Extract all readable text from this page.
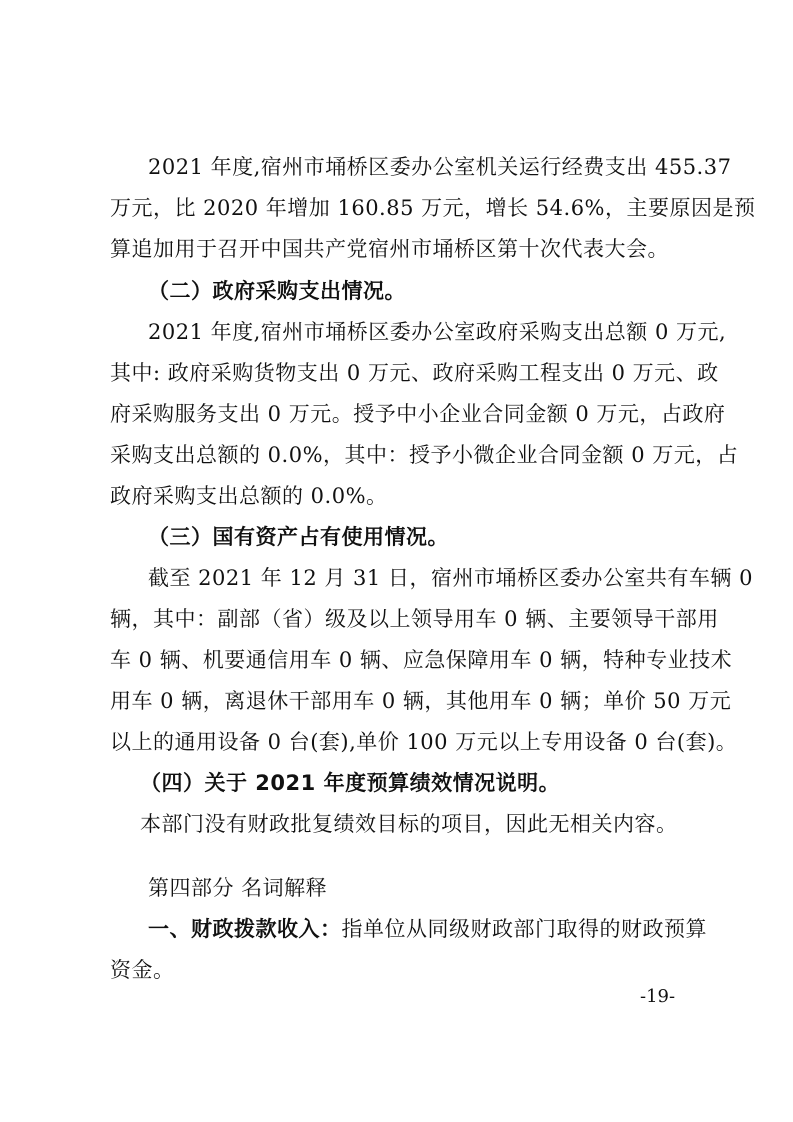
2021 年度,宿州市埇桥区委办公室机关运行经费支出 455.37
万元，比 2020 年增加 160.85 万元，增长 54.6%，主要原因是预
算追加用于召开中国共产党宿州市埇桥区第十次代表大会。
（二）政府采购支出情况。
2021 年度,宿州市埇桥区委办公室政府采购支出总额 0 万元,
其中: 政府采购货物支出 0 万元、政府采购工程支出 0 万元、政
府采购服务支出 0 万元。授予中小企业合同金额 0 万元，占政府
采购支出总额的 0.0%，其中：授予小微企业合同金额 0 万元，占
政府采购支出总额的 0.0%。
（三）国有资产占有使用情况。
截至 2021 年 12 月 31 日，宿州市埇桥区委办公室共有车辆 0
辆，其中：副部（省）级及以上领导用车 0 辆、主要领导干部用
车 0 辆、机要通信用车 0 辆、应急保障用车 0 辆，特种专业技术
用车 0 辆，离退休干部用车 0 辆，其他用车 0 辆；单价 50 万元
以上的通用设备 0 台(套),单价 100 万元以上专用设备 0 台(套)。
（四）关于 2021 年度预算绩效情况说明。
本部门没有财政批复绩效目标的项目，因此无相关内容。
第四部分 名词解释
一、财政拨款收入：指单位从同级财政部门取得的财政预算
资金。
-19-
